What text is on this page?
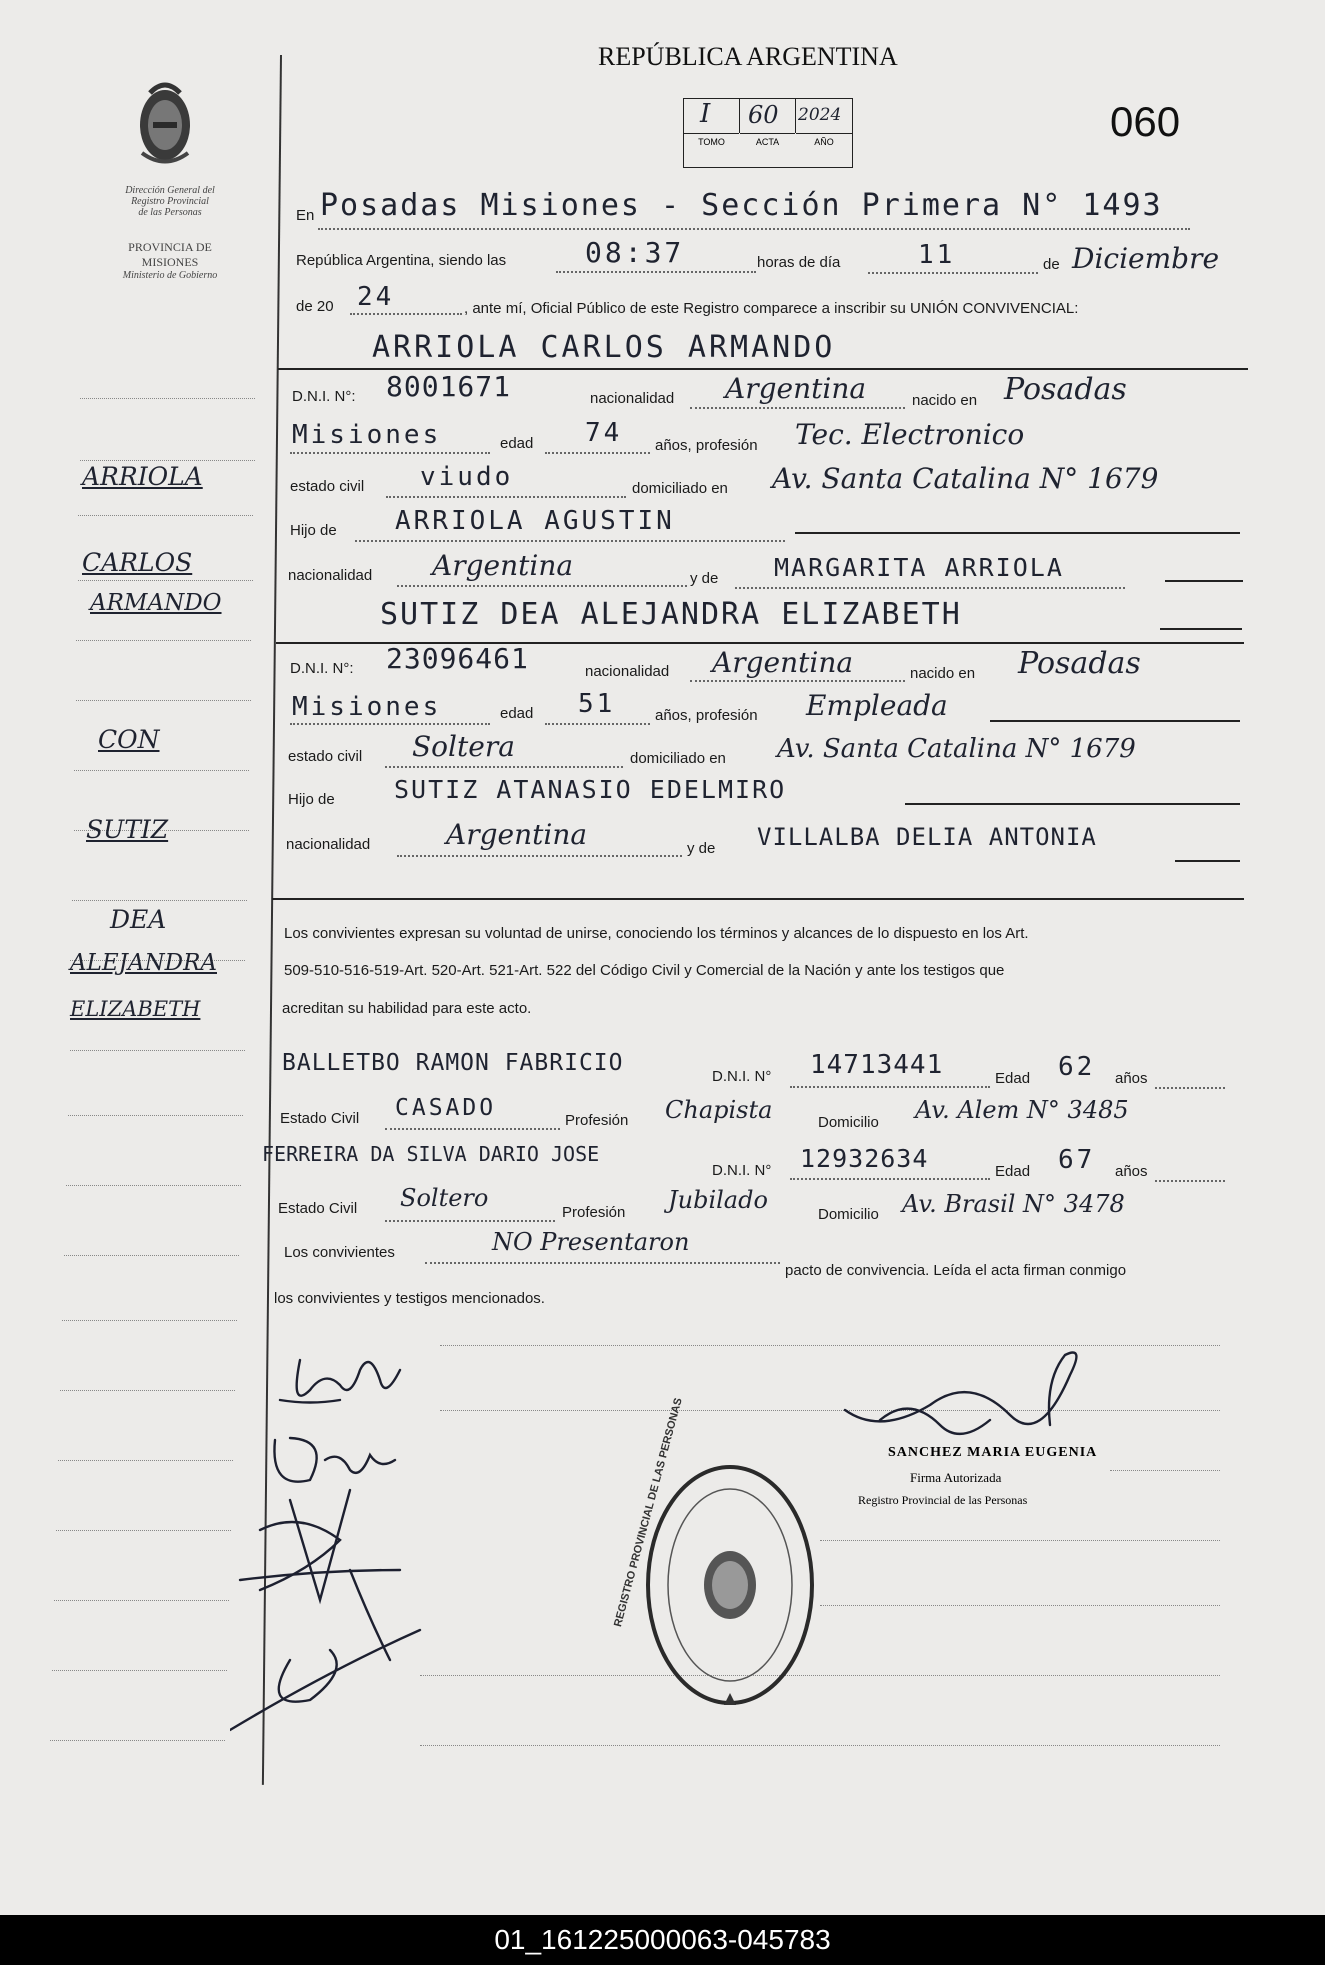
Dirección General del
Registro Provincial
de las Personas
PROVINCIA DE
MISIONES
Ministerio de Gobierno
ARRIOLA
CARLOS
ARMANDO
CON
SUTIZ
DEA
ALEJANDRA
ELIZABETH
REPÚBLICA ARGENTINA
060
I 60 2024
TOMO	ACTA	AÑO
En Posadas Misiones - Sección Primera N° 1493
República Argentina, siendo las	08:37	horas de día	11	de Diciembre
de 20 24	, ante mí, Oficial Público de este Registro comparece a inscribir su UNIÓN CONVIVENCIAL:
ARRIOLA CARLOS ARMANDO
D.N.I. N°: 8001671	nacionalidad Argentina	nacido en Posadas
Misiones	edad 74 años, profesión Tec. Electronico
estado civil viudo	domiciliado en Av. Santa Catalina N° 1679
Hijo de ARRIOLA AGUSTIN
nacionalidad Argentina	y de MARGARITA ARRIOLA
SUTIZ DEA ALEJANDRA ELIZABETH
D.N.I. N°: 23096461	nacionalidad Argentina	nacido en Posadas
Misiones	edad 51	años, profesión Empleada
estado civil Soltera	domiciliado en Av. Santa Catalina N° 1679
Hijo de SUTIZ ATANASIO EDELMIRO
nacionalidad	Argentina	y de VILLALBA DELIA ANTONIA
Los convivientes expresan su voluntad de unirse, conociendo los términos y alcances de lo dispuesto en los Art.
509-510-516-519-Art. 520-Art. 521-Art. 522 del Código Civil y Comercial de la Nación y ante los testigos que
acreditan su habilidad para este acto.
BALLETBO RAMON FABRICIO
D.N.I. N° 14713441	Edad 62 años
Estado Civil CASADO	Profesión Chapista	Domicilio Av. Alem N° 3485
FERREIRA DA SILVA DARIO JOSE
D.N.I. N° 12932634	Edad 67 años
Estado Civil Soltero
Profesión Jubilado
Domicilio Av. Brasil N° 3478
Los convivientes	NO Presentaron
pacto de convivencia. Leída el acta firman conmigo
los convivientes y testigos mencionados.
SANCHEZ MARIA EUGENIA
Firma Autorizada
Registro Provincial de las Personas
REGISTRO PROVINCIAL DE LAS PERSONAS
01_161225000063-045783
